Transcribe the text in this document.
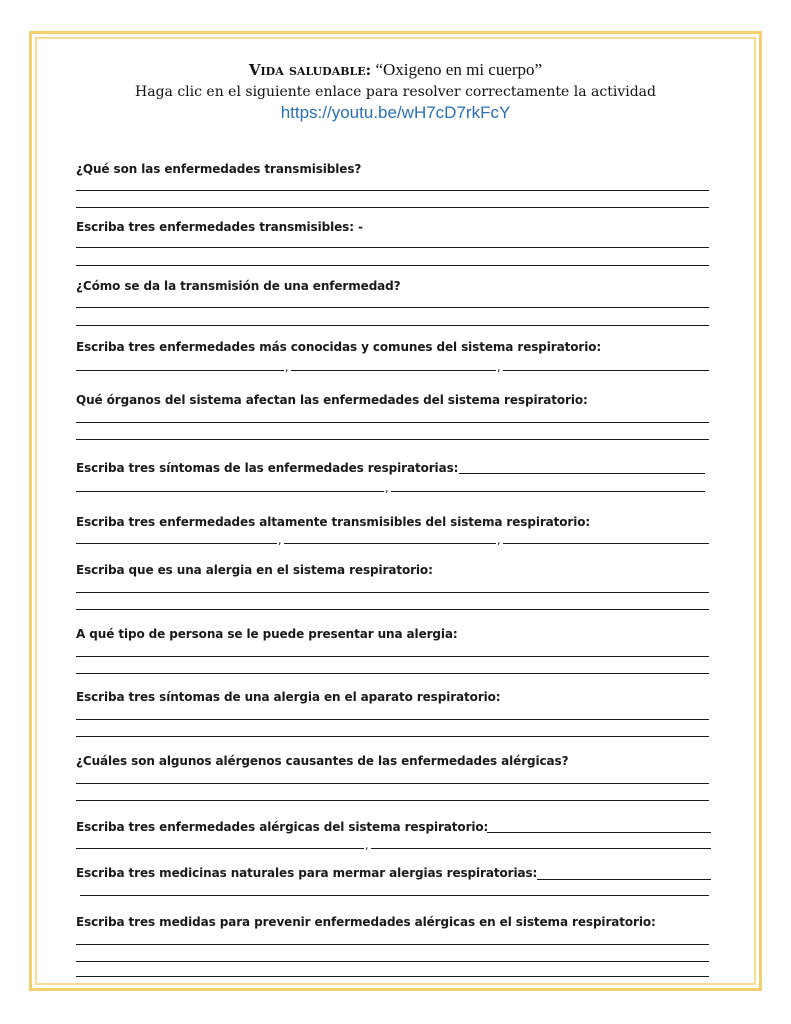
Vida saludable: “Oxigeno en mi cuerpo”
Haga clic en el siguiente enlace para resolver correctamente la actividad
https://youtu.be/wH7cD7rkFcY
¿Qué son las enfermedades transmisibles?
Escriba tres enfermedades transmisibles: -
¿Cómo se da la transmisión de una enfermedad?
Escriba tres enfermedades más conocidas y comunes del sistema respiratorio:
,	,
Qué órganos del sistema afectan las enfermedades del sistema respiratorio:
Escriba tres síntomas de las enfermedades respiratorias:
,
Escriba tres enfermedades altamente transmisibles del sistema respiratorio:
,	,
Escriba que es una alergia en el sistema respiratorio:
A qué tipo de persona se le puede presentar una alergia:
Escriba tres síntomas de una alergia en el aparato respiratorio:
¿Cuáles son algunos alérgenos causantes de las enfermedades alérgicas?
Escriba tres enfermedades alérgicas del sistema respiratorio:
,
Escriba tres medicinas naturales para mermar alergias respiratorias:
Escriba tres medidas para prevenir enfermedades alérgicas en el sistema respiratorio:
